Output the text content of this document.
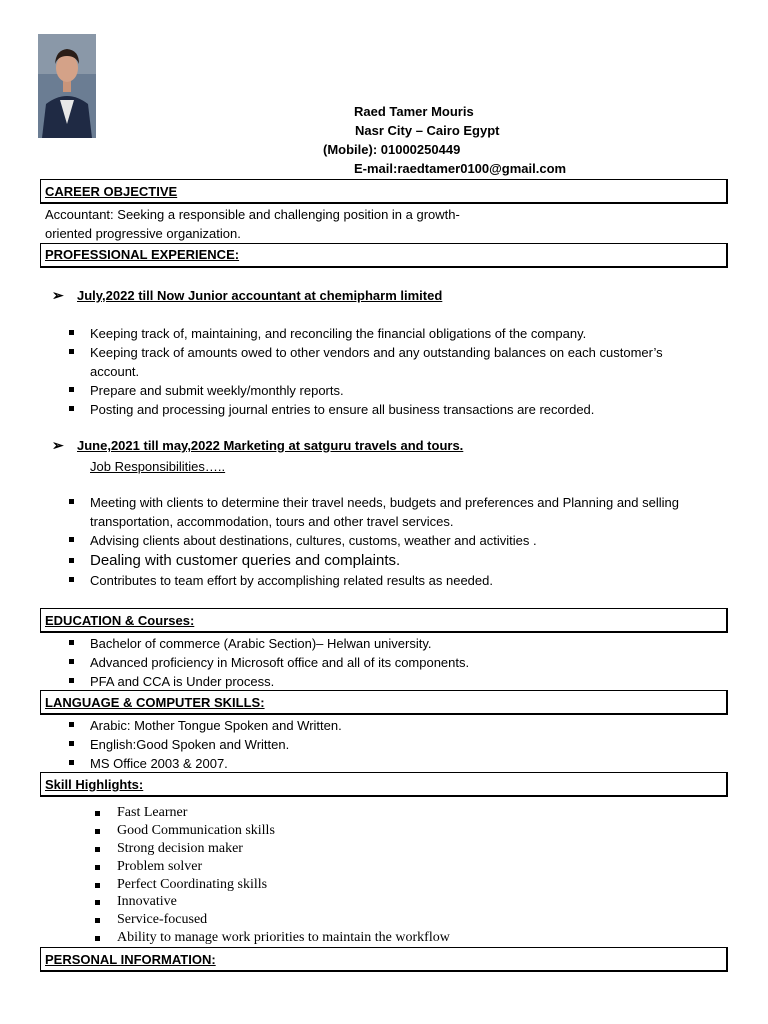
Raed Tamer Mouris
Nasr City – Cairo Egypt
(Mobile): 01000250449
E-mail:raedtamer0100@gmail.com
CAREER OBJECTIVE
Accountant: Seeking a responsible and challenging position in a growth-
oriented progressive organization.
PROFESSIONAL EXPERIENCE:
➢ July,2022 till Now Junior accountant at chemipharm limited
Keeping track of, maintaining, and reconciling the financial obligations of the company.
Keeping track of amounts owed to other vendors and any outstanding balances on each customer’s
account.
Prepare and submit weekly/monthly reports.
Posting and processing journal entries to ensure all business transactions are recorded.
➢ June,2021 till may,2022 Marketing at satguru travels and tours.
Job Responsibilities…..
Meeting with clients to determine their travel needs, budgets and preferences and Planning and selling
transportation, accommodation, tours and other travel services.
Advising clients about destinations, cultures, customs, weather and activities .
Dealing with customer queries and complaints.
Contributes to team effort by accomplishing related results as needed.
EDUCATION & Courses:
Bachelor of commerce (Arabic Section)– Helwan university.
Advanced proficiency in Microsoft office and all of its components.
PFA and CCA is Under process.
LANGUAGE & COMPUTER SKILLS:
Arabic: Mother Tongue Spoken and Written.
English:Good Spoken and Written.
MS Office 2003 & 2007.
Skill Highlights:
Fast Learner
Good Communication skills
Strong decision maker
Problem solver
Perfect Coordinating skills
Innovative
Service-focused
Ability to manage work priorities to maintain the workflow
PERSONAL INFORMATION:
